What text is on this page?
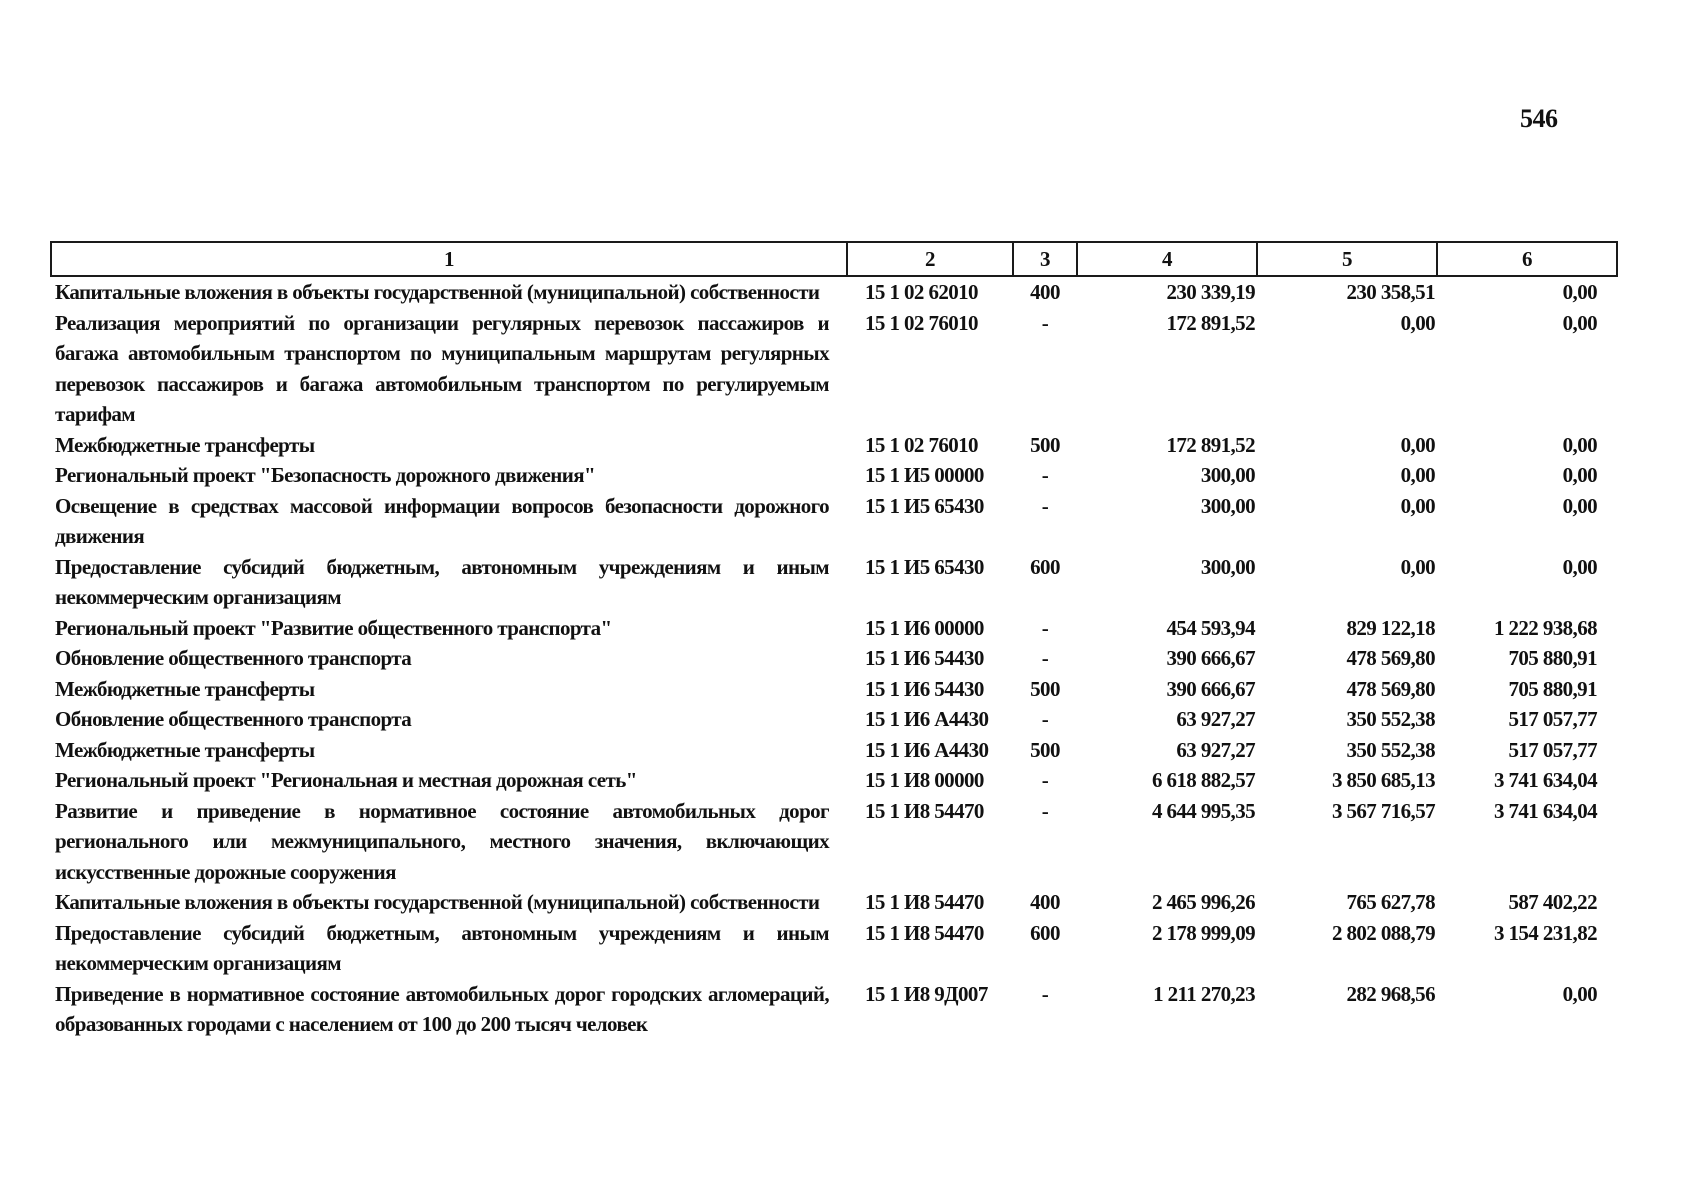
546
1	2	3	4	5	6
Капитальные вложения в объекты государственной (муниципальной) собственности	15 1 02 62010	400	230 339,19	230 358,51	0,00
Реализация мероприятий по организации регулярных перевозок пассажиров и багажа автомобильным транспортом по муниципальным маршрутам регулярных перевозок пассажиров и багажа автомобильным транспортом по регулируемым тарифам	15 1 02 76010	-	172 891,52	0,00	0,00
Межбюджетные трансферты	15 1 02 76010	500	172 891,52	0,00	0,00
Региональный проект "Безопасность дорожного движения"	15 1 И5 00000	-	300,00	0,00	0,00
Освещение в средствах массовой информации вопросов безопасности дорожного движения	15 1 И5 65430	-	300,00	0,00	0,00
Предоставление субсидий бюджетным, автономным учреждениям и иным некоммерческим организациям	15 1 И5 65430	600	300,00	0,00	0,00
Региональный проект "Развитие общественного транспорта"	15 1 И6 00000	-	454 593,94	829 122,18	1 222 938,68
Обновление общественного транспорта	15 1 И6 54430	-	390 666,67	478 569,80	705 880,91
Межбюджетные трансферты	15 1 И6 54430	500	390 666,67	478 569,80	705 880,91
Обновление общественного транспорта	15 1 И6 А4430	-	63 927,27	350 552,38	517 057,77
Межбюджетные трансферты	15 1 И6 А4430	500	63 927,27	350 552,38	517 057,77
Региональный проект "Региональная и местная дорожная сеть"	15 1 И8 00000	-	6 618 882,57	3 850 685,13	3 741 634,04
Развитие и приведение в нормативное состояние автомобильных дорог регионального или межмуниципального, местного значения, включающих искусственные дорожные сооружения	15 1 И8 54470	-	4 644 995,35	3 567 716,57	3 741 634,04
Капитальные вложения в объекты государственной (муниципальной) собственности	15 1 И8 54470	400	2 465 996,26	765 627,78	587 402,22
Предоставление субсидий бюджетным, автономным учреждениям и иным некоммерческим организациям	15 1 И8 54470	600	2 178 999,09	2 802 088,79	3 154 231,82
Приведение в нормативное состояние автомобильных дорог городских агломераций, образованных городами с населением от 100 до 200 тысяч человек	15 1 И8 9Д007	-	1 211 270,23	282 968,56	0,00
